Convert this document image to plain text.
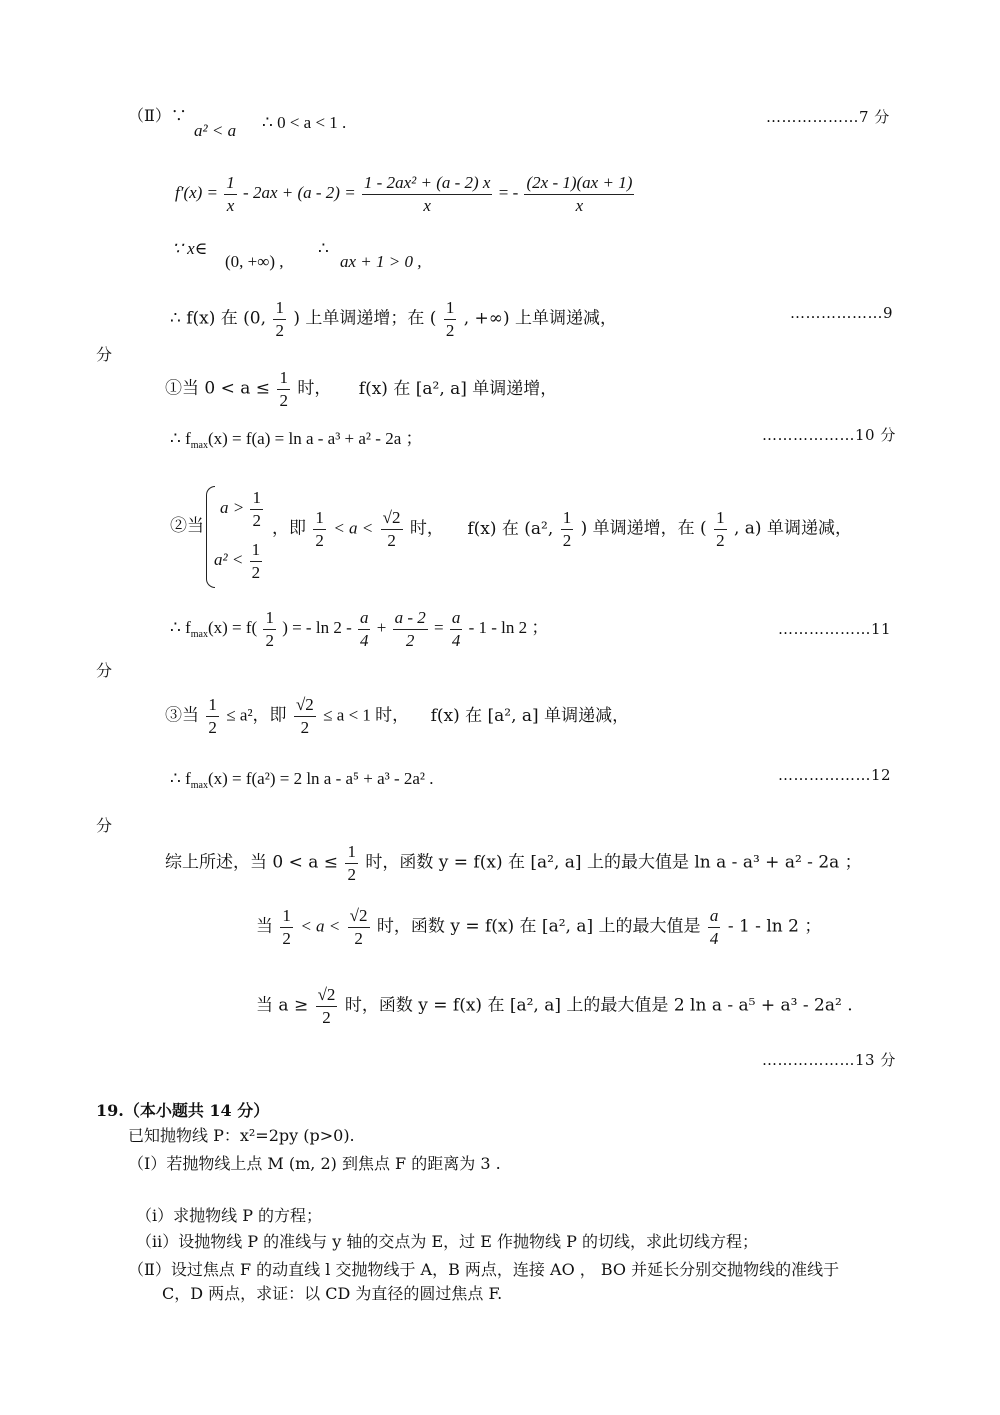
（Ⅱ）∵
a² < a ∴ 0 < a < 1 .	………………7 分
$f'(x) = \frac{1}{x} - 2ax + (a - 2) = \frac{\text{1 - 2ax² + (a - 2) x}}{x}$ = - $\frac{(2x - 1)(ax + 1)}{x}$
∵ x∈
(0, +∞) ,
∴
ax + 1 > 0 ,
∴ f(x) 在 (0, $\frac{1}{2}$ ) 上单调递增；在 ( $\frac{1}{2}$ , +∞) 上单调递减，	………………9
分
①当 $0 < a \le \frac{1}{2}$ 时， f(x) 在 [a², a] 单调递增，
∴ $f_{max}(x) = f(a) = \ln a - a^3 + a^2 - 2a$ ；	………………10 分
②当
$a > \frac{1}{2}$
$a^2 < \frac{1}{2}$
，即 $\frac{1}{2} < a < \frac{√2}{2}$ 时， f(x) 在 (a², $\frac{1}{2}$ ) 单调递增，在 ( $\frac{1}{2}$ , a) 单调递减，
∴ $f_{max}(x) = f( \frac{1}{2}$ ) = - $\ln 2 - \frac{a}{4} + \frac{a - 2}{2} = \frac{a}{4} - 1 - \ln 2$ ；	………………11
分
③当 $\frac{1}{2} \le a^2$，即 $\frac{√2}{2} \le a < 1$ 时， f(x) 在 [a², a] 单调递减，
∴ $f_{max}(x) = f(a^2) = 2$ ln a - a⁵ + a³ - 2a² .	………………12
分
综上所述，当 $0 < a \le \frac{1}{2}$ 时，函数 y = f(x) 在 [a², a] 上的最大值是 ln a - a³ + a² - 2a ；
当 $\frac{1}{2} < a < \frac{√2}{2}$ 时，函数 y = f(x) 在 [a², a] 上的最大值是 $\frac{a}{4} - 1$ - ln 2 ；
当 $a \ge \frac{√2}{2}$ 时，函数 y = f(x) 在 [a², a] 上的最大值是 2 ln a - a⁵ + a³ - 2a² .
………………13 分
19.（本小题共 14 分）
已知抛物线 P：x²=2py (p>0).
（Ⅰ）若抛物线上点 M (m, 2) 到焦点 F 的距离为 3 .
（ⅰ）求抛物线 P 的方程；
（ⅱ）设抛物线 P 的准线与 y 轴的交点为 E，过 E 作抛物线 P 的切线，求此切线方程；
（Ⅱ）设过焦点 F 的动直线 l 交抛物线于 A，B 两点，连接 AO ， BO 并延长分别交抛物线的准线于
C，D 两点，求证：以 CD 为直径的圆过焦点 F.
